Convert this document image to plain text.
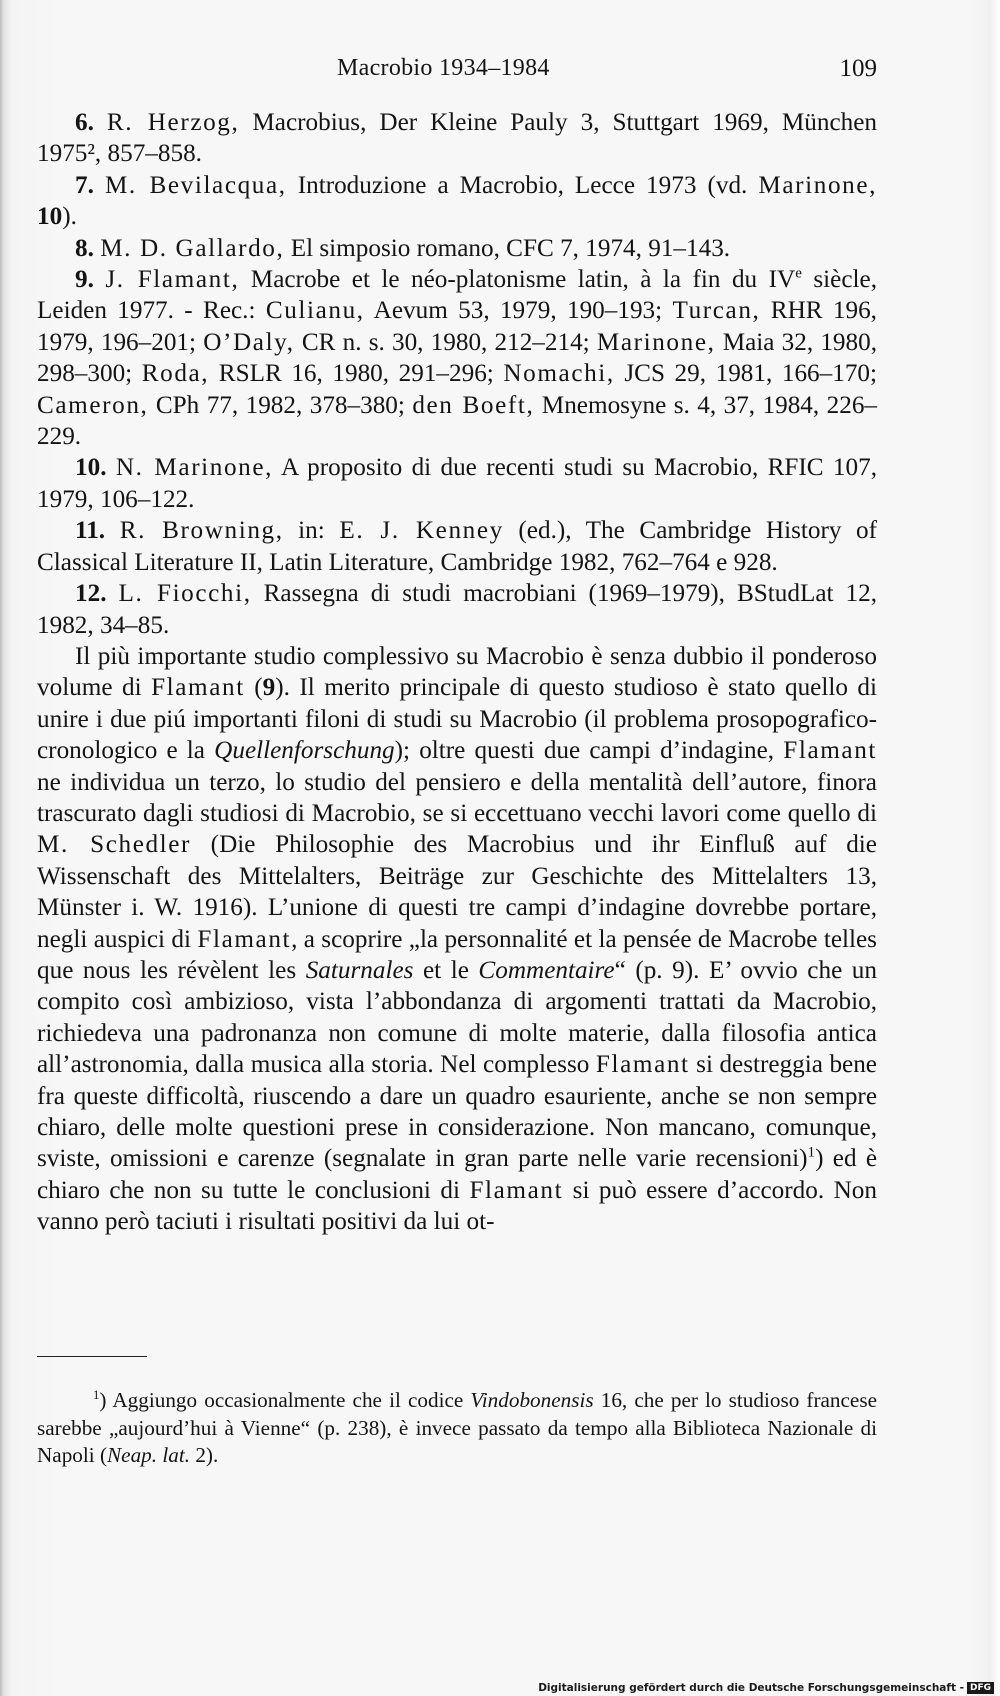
Macrobio 1934–1984	109

6. R. Herzog, Macrobius, Der Kleine Pauly 3, Stuttgart 1969, München 1975², 857–858.

7. M. Bevilacqua, Introduzione a Macrobio, Lecce 1973 (vd. Marinone, 10).

8. M. D. Gallardo, El simposio romano, CFC 7, 1974, 91–143.

9. J. Flamant, Macrobe et le néo-platonisme latin, à la fin du IVe siècle, Leiden 1977. - Rec.: Culianu, Aevum 53, 1979, 190–193; Turcan, RHR 196, 1979, 196–201; O’Daly, CR n. s. 30, 1980, 212–214; Marinone, Maia 32, 1980, 298–300; Roda, RSLR 16, 1980, 291–296; Nomachi, JCS 29, 1981, 166–170; Cameron, CPh 77, 1982, 378–380; den Boeft, Mnemosyne s. 4, 37, 1984, 226–229.

10. N. Marinone, A proposito di due recenti studi su Macrobio, RFIC 107, 1979, 106–122.

11. R. Browning, in: E. J. Kenney (ed.), The Cambridge History of Classical Literature II, Latin Literature, Cambridge 1982, 762–764 e 928.

12. L. Fiocchi, Rassegna di studi macrobiani (1969–1979), BStudLat 12, 1982, 34–85.

Il più importante studio complessivo su Macrobio è senza dubbio il ponderoso volume di Flamant (9). Il merito principale di questo studioso è stato quello di unire i due piú importanti filoni di studi su Macrobio (il problema prosopografico-cronologico e la Quellenforschung); oltre questi due campi d’indagine, Flamant ne individua un terzo, lo studio del pensiero e della mentalità dell’autore, finora trascurato dagli studiosi di Macrobio, se si eccettuano vecchi lavori come quello di M. Schedler (Die Philosophie des Macrobius und ihr Einfluß auf die Wissenschaft des Mittelalters, Beiträge zur Geschichte des Mittelalters 13, Münster i. W. 1916). L’unione di questi tre campi d’indagine dovrebbe portare, negli auspici di Flamant, a scoprire „la personnalité et la pensée de Macrobe telles que nous les révèlent les Saturnales et le Commentaire“ (p. 9). E’ ovvio che un compito così ambizioso, vista l’abbondanza di argomenti trattati da Macrobio, richiedeva una padronanza non comune di molte materie, dalla filosofia antica all’astronomia, dalla musica alla storia. Nel complesso Flamant si destreggia bene fra queste difficoltà, riuscendo a dare un quadro esauriente, anche se non sempre chiaro, delle molte questioni prese in considerazione. Non mancano, comunque, sviste, omissioni e carenze (segnalate in gran parte nelle varie recensioni)$^1$) ed è chiaro che non su tutte le conclusioni di Flamant si può essere d’accordo. Non vanno però taciuti i risultati positivi da lui ot-

$^1$) Aggiungo occasionalmente che il codice Vindobonensis 16, che per lo studioso francese sarebbe „aujourd’hui à Vienne“ (p. 238), è invece passato da tempo alla Biblioteca Nazionale di Napoli (Neap. lat. 2).

Digitalisierung gefördert durch die Deutsche Forschungsgemeinschaft - DFG
